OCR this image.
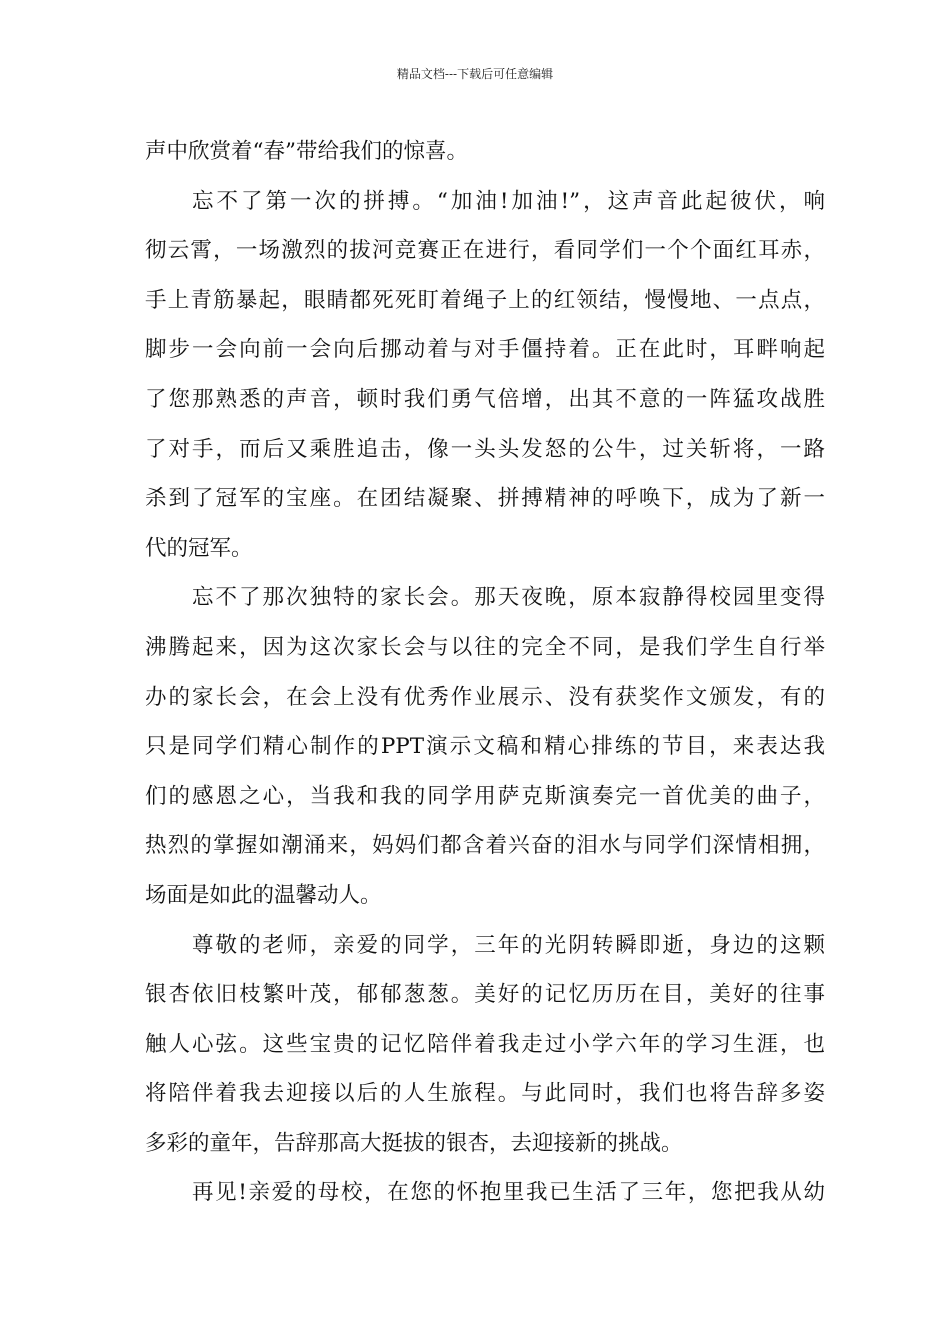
精品文档---下载后可任意编辑
声中欣赏着“春”带给我们的惊喜。
忘不了第一次的拼搏。“加油!加油!”，这声音此起彼伏，响
彻云霄，一场激烈的拔河竞赛正在进行，看同学们一个个面红耳赤，
手上青筋暴起，眼睛都死死盯着绳子上的红领结，慢慢地、一点点，
脚步一会向前一会向后挪动着与对手僵持着。正在此时，耳畔响起
了您那熟悉的声音，顿时我们勇气倍增，出其不意的一阵猛攻战胜
了对手，而后又乘胜追击，像一头头发怒的公牛，过关斩将，一路
杀到了冠军的宝座。在团结凝聚、拼搏精神的呼唤下，成为了新一
代的冠军。
忘不了那次独特的家长会。那天夜晚，原本寂静得校园里变得
沸腾起来，因为这次家长会与以往的完全不同，是我们学生自行举
办的家长会，在会上没有优秀作业展示、没有获奖作文颁发，有的
只是同学们精心制作的PPT演示文稿和精心排练的节目，来表达我
们的感恩之心，当我和我的同学用萨克斯演奏完一首优美的曲子，
热烈的掌握如潮涌来，妈妈们都含着兴奋的泪水与同学们深情相拥，
场面是如此的温馨动人。
尊敬的老师，亲爱的同学，三年的光阴转瞬即逝，身边的这颗
银杏依旧枝繁叶茂，郁郁葱葱。美好的记忆历历在目，美好的往事
触人心弦。这些宝贵的记忆陪伴着我走过小学六年的学习生涯，也
将陪伴着我去迎接以后的人生旅程。与此同时，我们也将告辞多姿
多彩的童年，告辞那高大挺拔的银杏，去迎接新的挑战。
再见!亲爱的母校，在您的怀抱里我已生活了三年，您把我从幼
